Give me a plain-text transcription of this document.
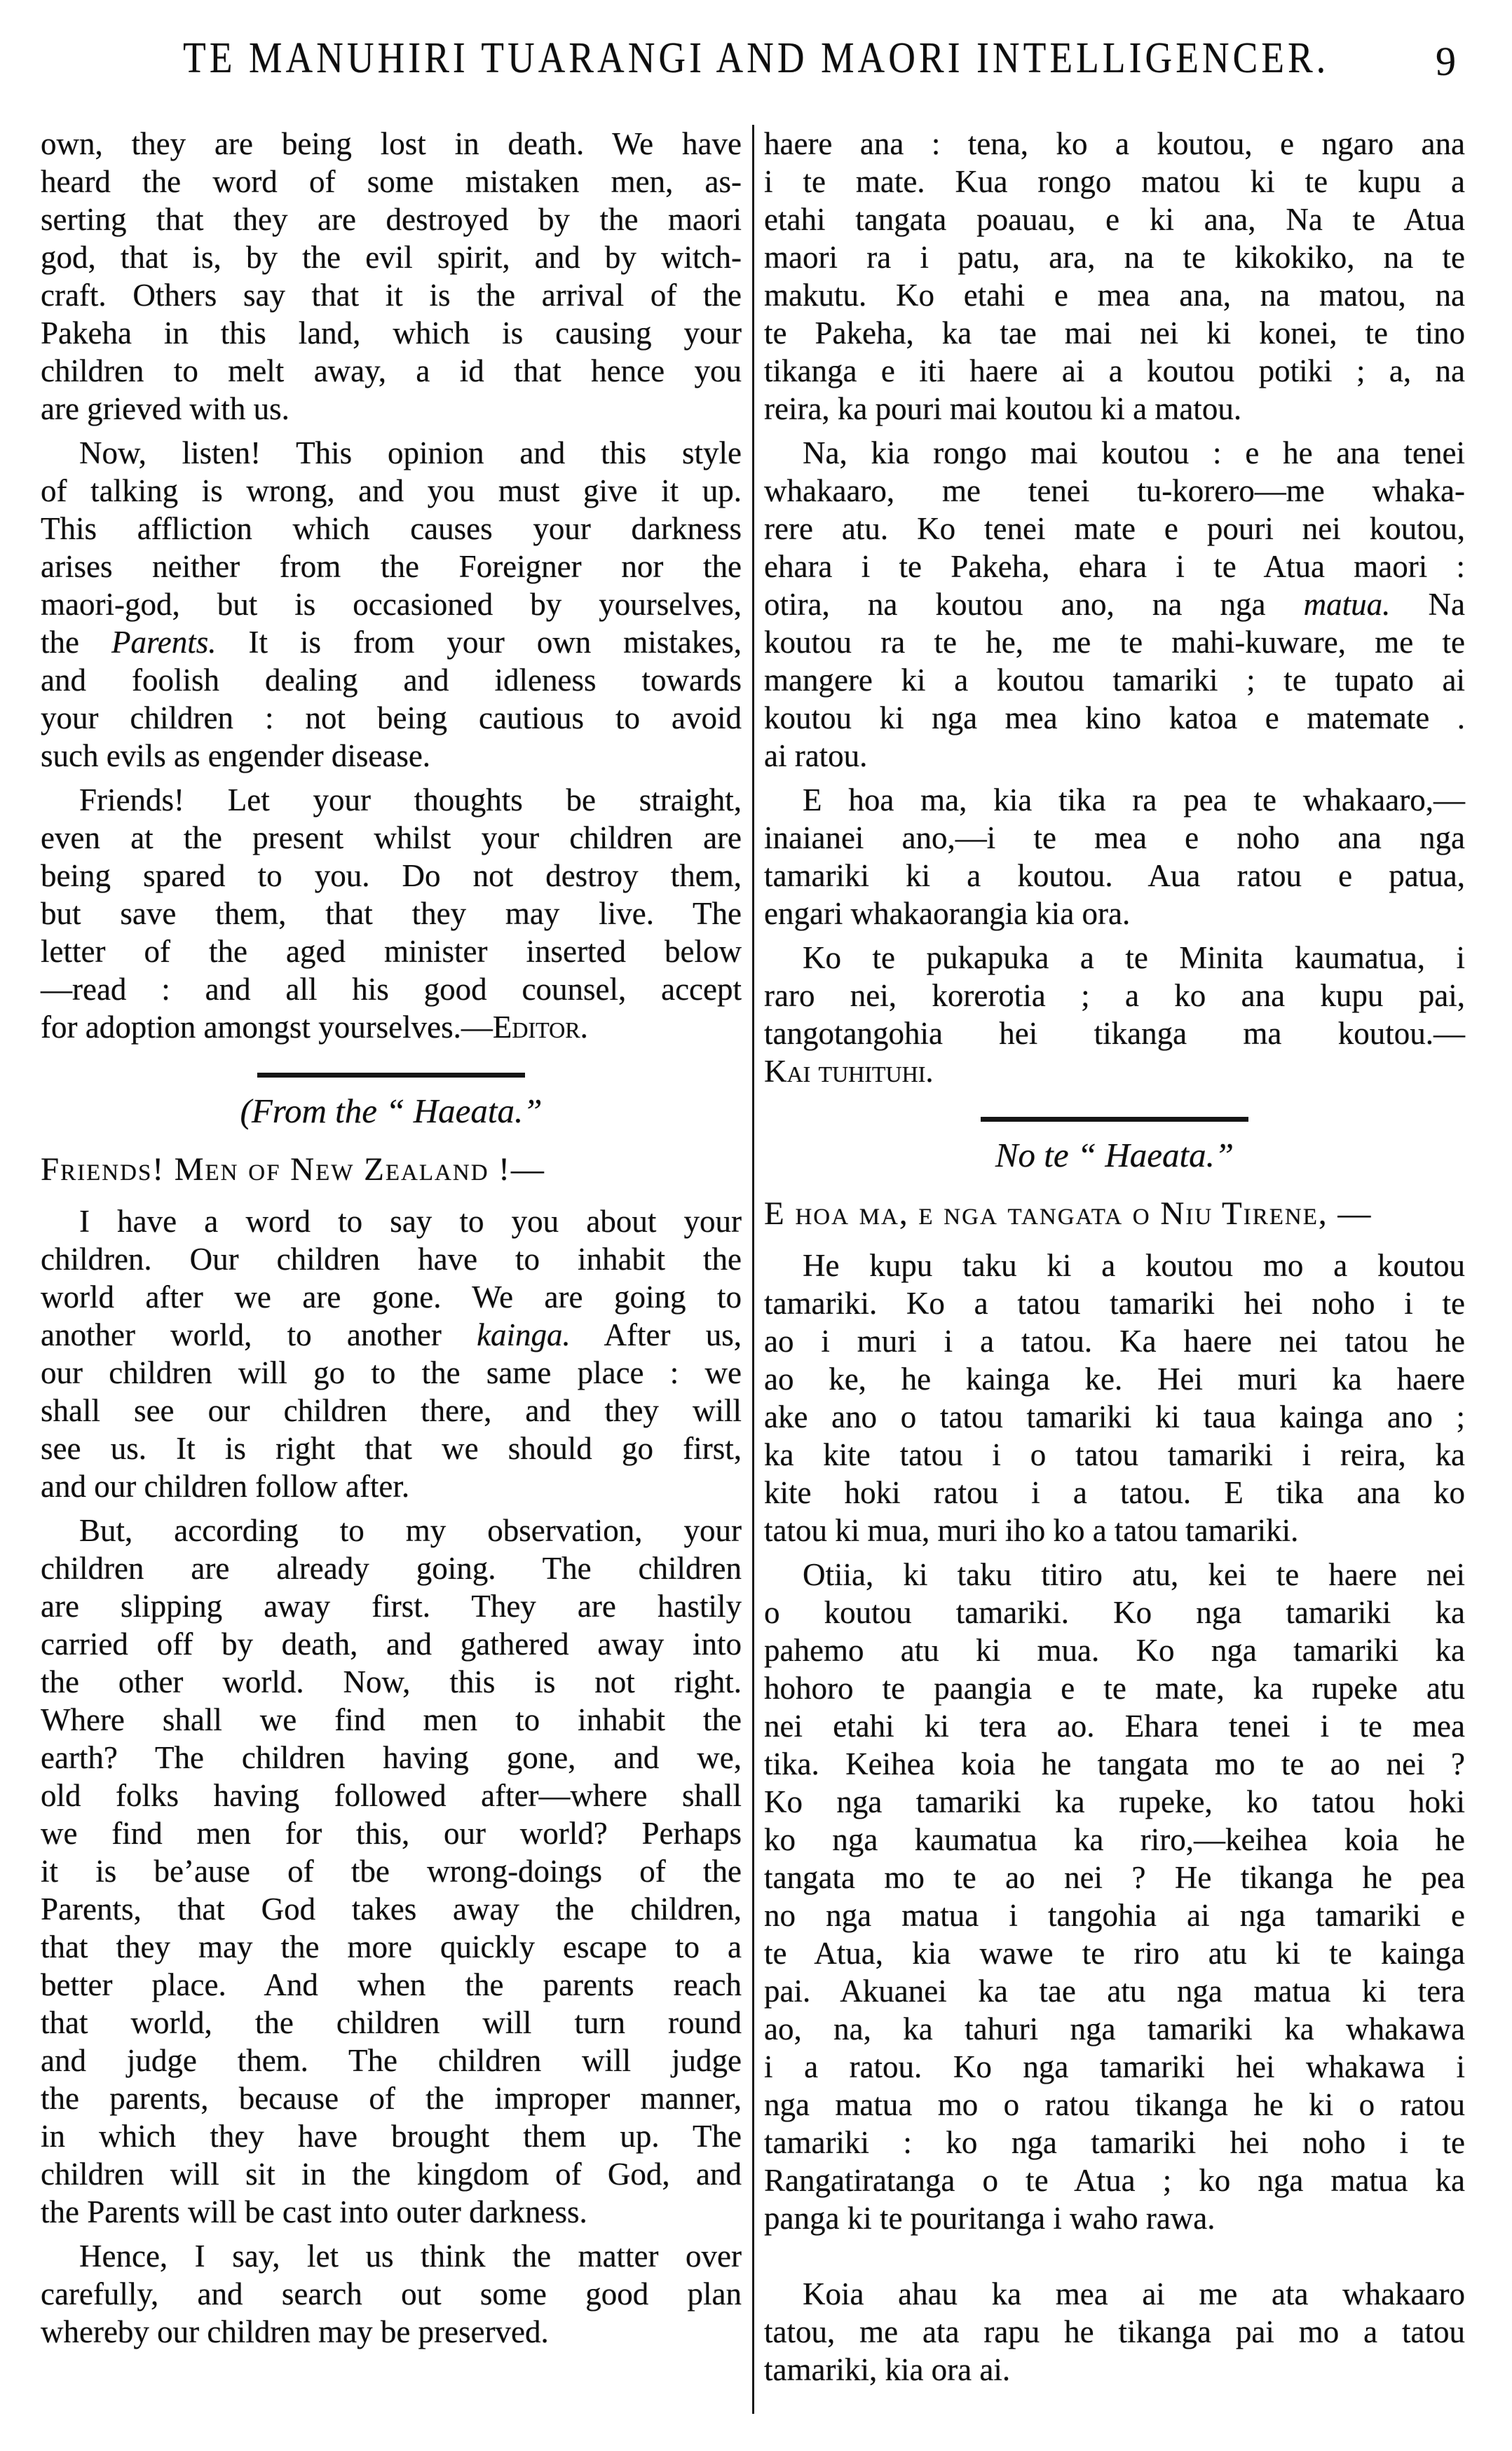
TE MANUHIRI TUARANGI AND MAORI INTELLIGENCER.	9
own, they are being lost in death. We have
heard the word of some mistaken men, as-
serting that they are destroyed by the maori
god, that is, by the evil spirit, and by witch-
craft. Others say that it is the arrival of the
Pakeha in this land, which is causing your
children to melt away, a id that hence you
are grieved with us.
Now, listen! This opinion and this style
of talking is wrong, and you must give it up.
This affliction which causes your darkness
arises neither from the Foreigner nor the
maori-god, but is occasioned by yourselves,
the Parents. It is from your own mistakes,
and foolish dealing and idleness towards
your children : not being cautious to avoid
such evils as engender disease.
Friends! Let your thoughts be straight,
even at the present whilst your children are
being spared to you. Do not destroy them,
but save them, that they may live. The
letter of the aged minister inserted below
—read : and all his good counsel, accept
for adoption amongst yourselves.—Editor.
(From the “ Haeata.”
Friends! Men of New Zealand !—
I have a word to say to you about your
children. Our children have to inhabit the
world after we are gone. We are going to
another world, to another kainga. After us,
our children will go to the same place : we
shall see our children there, and they will
see us. It is right that we should go first,
and our children follow after.
But, according to my observation, your
children are already going. The children
are slipping away first. They are hastily
carried off by death, and gathered away into
the other world. Now, this is not right.
Where shall we find men to inhabit the
earth? The children having gone, and we,
old folks having followed after—where shall
we find men for this, our world? Perhaps
it is beʼause of tbe wrong-doings of the
Parents, that God takes away the children,
that they may the more quickly escape to a
better place. And when the parents reach
that world, the children will turn round
and judge them. The children will judge
the parents, because of the improper manner,
in which they have brought them up. The
children will sit in the kingdom of God, and
the Parents will be cast into outer darkness.
Hence, I say, let us think the matter over
carefully, and search out some good plan
whereby our children may be preserved.
haere ana : tena, ko a koutou, e ngaro ana
i te mate. Kua rongo matou ki te kupu a
etahi tangata poauau, e ki ana, Na te Atua
maori ra i patu, ara, na te kikokiko, na te
makutu. Ko etahi e mea ana, na matou, na
te Pakeha, ka tae mai nei ki konei, te tino
tikanga e iti haere ai a koutou potiki ; a, na
reira, ka pouri mai koutou ki a matou.
Na, kia rongo mai koutou : e he ana tenei
whakaaro, me tenei tu-korero—me whaka-
rere atu. Ko tenei mate e pouri nei koutou,
ehara i te Pakeha, ehara i te Atua maori :
otira, na koutou ano, na nga matua. Na
koutou ra te he, me te mahi-kuware, me te
mangere ki a koutou tamariki ; te tupato ai
koutou ki nga mea kino katoa e matemate .
ai ratou.
E hoa ma, kia tika ra pea te whakaaro,—
inaianei ano,—i te mea e noho ana nga
tamariki ki a koutou. Aua ratou e patua,
engari whakaorangia kia ora.
Ko te pukapuka a te Minita kaumatua, i
raro nei, korerotia ; a ko ana kupu pai,
tangotangohia hei tikanga ma koutou.—
Kai tuhituhi.
No te “ Haeata.”
E hoa ma, e nga tangata o Niu Tirene, —
He kupu taku ki a koutou mo a koutou
tamariki. Ko a tatou tamariki hei noho i te
ao i muri i a tatou. Ka haere nei tatou he
ao ke, he kainga ke. Hei muri ka haere
ake ano o tatou tamariki ki taua kainga ano ;
ka kite tatou i o tatou tamariki i reira, ka
kite hoki ratou i a tatou. E tika ana ko
tatou ki mua, muri iho ko a tatou tamariki.
Otiia, ki taku titiro atu, kei te haere nei
o koutou tamariki. Ko nga tamariki ka
pahemo atu ki mua. Ko nga tamariki ka
hohoro te paangia e te mate, ka rupeke atu
nei etahi ki tera ao. Ehara tenei i te mea
tika. Keihea koia he tangata mo te ao nei ?
Ko nga tamariki ka rupeke, ko tatou hoki
ko nga kaumatua ka riro,—keihea koia he
tangata mo te ao nei ? He tikanga he pea
no nga matua i tangohia ai nga tamariki e
te Atua, kia wawe te riro atu ki te kainga
pai. Akuanei ka tae atu nga matua ki tera
ao, na, ka tahuri nga tamariki ka whakawa
i a ratou. Ko nga tamariki hei whakawa i
nga matua mo o ratou tikanga he ki o ratou
tamariki : ko nga tamariki hei noho i te
Rangatiratanga o te Atua ; ko nga matua ka
panga ki te pouritanga i waho rawa.
Koia ahau ka mea ai me ata whakaaro
tatou, me ata rapu he tikanga pai mo a tatou
tamariki, kia ora ai.
